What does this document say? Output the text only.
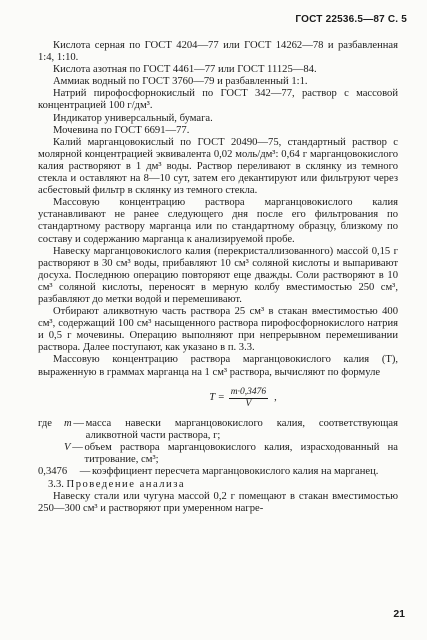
ГОСТ 22536.5—87 С. 5

Кислота серная по ГОСТ 4204—77 или ГОСТ 14262—78 и разбавленная 1:4, 1:10.

Кислота азотная по ГОСТ 4461—77 или ГОСТ 11125—84.

Аммиак водный по ГОСТ 3760—79 и разбавленный 1:1.

Натрий пирофосфорнокислый по ГОСТ 342—77, раствор с массовой концентрацией 100 г/дм³.

Индикатор универсальный, бумага.

Мочевина по ГОСТ 6691—77.

Калий марганцовокислый по ГОСТ 20490—75, стандартный раствор с молярной концентрацией эквивалента 0,02 моль/дм³: 0,64 г марганцовокислого калия растворяют в 1 дм³ воды. Раствор переливают в склянку из темного стекла и оставляют на 8—10 сут, затем его декантируют или фильтруют через асбестовый фильтр в склянку из темного стекла.

Массовую концентрацию раствора марганцовокислого калия устанавливают не ранее следующего дня после его фильтрования по стандартному раствору марганца или по стандартному образцу, близкому по составу и содержанию марганца к анализируемой пробе.

Навеску марганцовокислого калия (перекристаллизованного) массой 0,15 г растворяют в 30 см³ воды, прибавляют 10 см³ соляной кислоты и выпаривают досуха. Последнюю операцию повторяют еще дважды. Соли растворяют в 10 см³ соляной кислоты, переносят в мерную колбу вместимостью 250 см³, разбавляют до метки водой и перемешивают.

Отбирают аликвотную часть раствора 25 см³ в стакан вместимостью 400 см³, содержащий 100 см³ насыщенного раствора пирофосфорнокислого натрия и 0,5 г мочевины. Операцию выполняют при непрерывном перемешивании раствора. Далее поступают, как указано в п. 3.3.

Массовую концентрацию раствора марганцовокислого калия (T), выраженную в граммах марганца на 1 см³ раствора, вычисляют по формуле

$T = \frac{m\cdot 0,3476}{V}$ ,
где	m — масса навески марганцовокислого калия, соответствующая аликвотной части раствора, г;
V — объем раствора марганцовокислого калия, израсходованный на титрование, см³;
0,3476	— коэффициент пересчета марганцовокислого калия на марганец.

3.3. Проведение анализа

Навеску стали или чугуна массой 0,2 г помещают в стакан вместимостью 250—300 см³ и растворяют при умеренном нагре-

21
